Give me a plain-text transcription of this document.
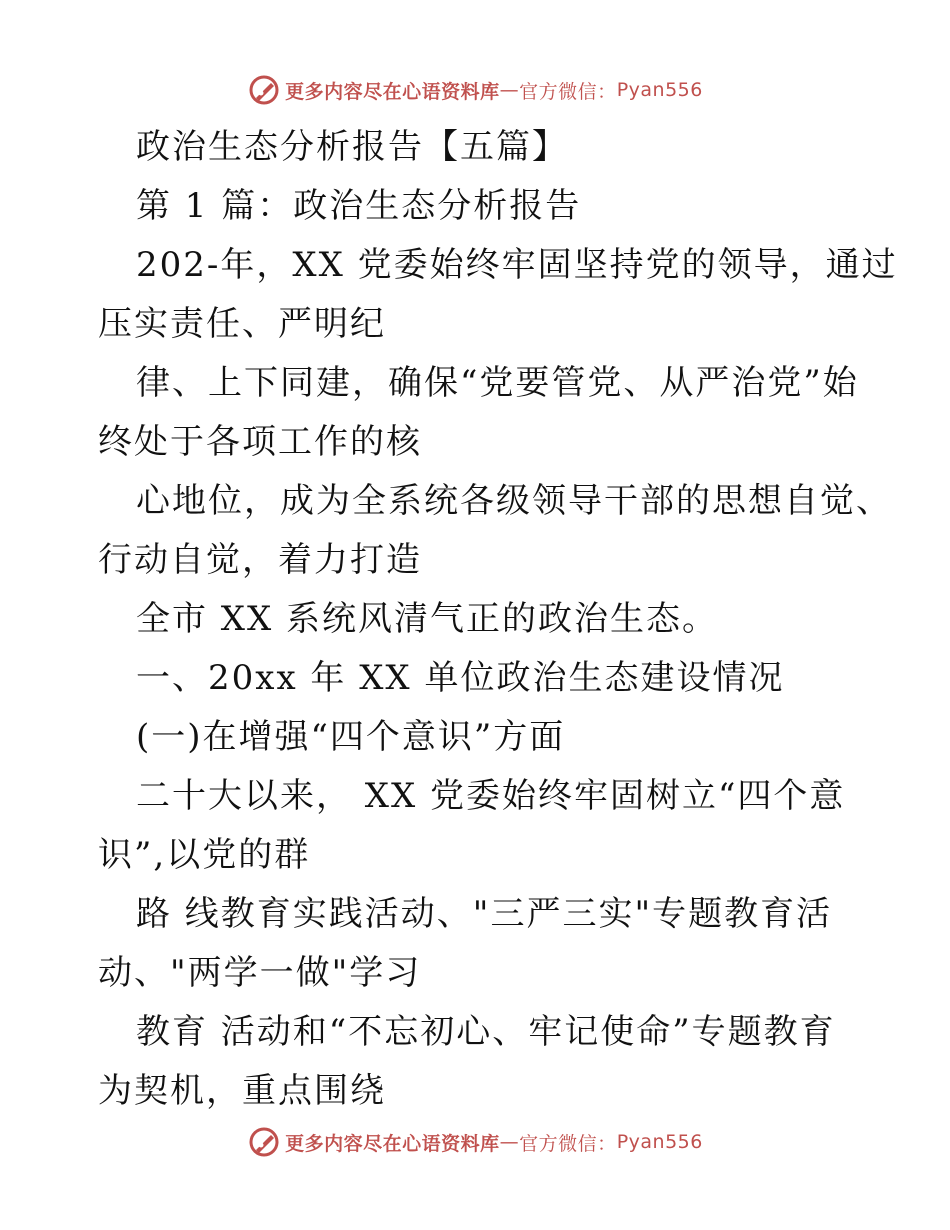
更多内容尽在心语资料库 — 官方微信： Pyan556
政治生态分析报告【五篇】
第 1 篇：政治生态分析报告
202-年，XX 党委始终牢固坚持党的领导，通过
压实责任、严明纪
律、上下同建，确保“党要管党、从严治党”始
终处于各项工作的核
心地位，成为全系统各级领导干部的思想自觉、
行动自觉，着力打造
全市 XX 系统风清气正的政治生态。
一、20xx 年 XX 单位政治生态建设情况
(一)在增强“四个意识”方面
二十大以来， XX 党委始终牢固树立“四个意
识”,以党的群
路 线教育实践活动、"三严三实"专题教育活
动、"两学一做"学习
教育 活动和“不忘初心、牢记使命”专题教育
为契机，重点围绕
更多内容尽在心语资料库 — 官方微信： Pyan556
